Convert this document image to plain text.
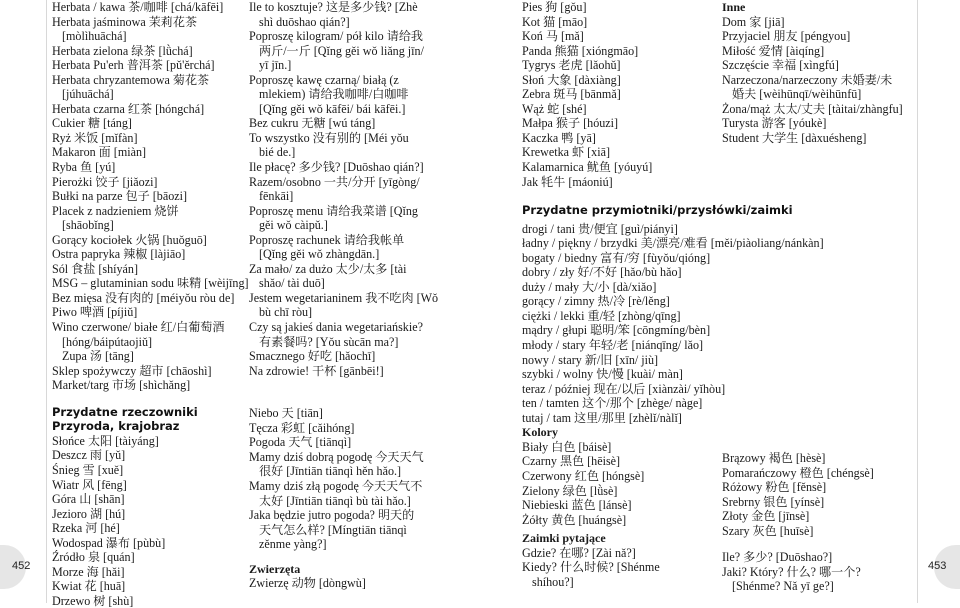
452	453
Herbata / kawa 茶/咖啡 [chá/kāfēi]
Herbata jaśminowa 茉莉花茶
[mòlìhuāchá]
Herbata zielona 绿茶 [lǜchá]
Herbata Pu'erh 普洱茶 [pǔ'ěrchá]
Herbata chryzantemowa 菊花茶
[júhuāchá]
Herbata czarna 红茶 [hóngchá]
Cukier 糖 [táng]
Ryż 米饭 [mǐfàn]
Makaron 面 [miàn]
Ryba 鱼 [yú]
Pierożki 饺子 [jiǎozi]
Bułki na parze 包子 [bāozi]
Placek z nadzieniem 烧饼
[shāobǐng]
Gorący kociołek 火锅 [huǒguō]
Ostra papryka 辣椒 [làjiāo]
Sól 食盐 [shíyán]
MSG – glutaminian sodu 味精 [wèijīng]
Bez mięsa 没有肉的 [méiyǒu ròu de]
Piwo 啤酒 [píjiǔ]
Wino czerwone/ białe 红/白葡萄酒
[hóng/báipútaojiǔ]
Zupa 汤 [tāng]
Sklep spożywczy 超市 [chāoshì]
Market/targ 市场 [shìchǎng]
Przydatne rzeczowniki
Przyroda, krajobraz
Słońce 太阳 [tàiyáng]
Deszcz 雨 [yǔ]
Śnieg 雪 [xuě]
Wiatr 风 [fēng]
Góra 山 [shān]
Jezioro 湖 [hú]
Rzeka 河 [hé]
Wodospad 瀑布 [pùbù]
Źródło 泉 [quán]
Morze 海 [hǎi]
Kwiat 花 [huā]
Drzewo 树 [shù]
Ile to kosztuje? 这是多少钱? [Zhè
shì duōshao qián?]
Poproszę kilogram/ pół kilo 请给我
两斤/一斤 [Qǐng gěi wǒ liǎng jīn/
yī jīn.]
Poproszę kawę czarną/ białą (z
mlekiem) 请给我咖啡/白咖啡
[Qǐng gěi wǒ kāfēi/ bái kāfēi.]
Bez cukru 无糖 [wú táng]
To wszystko 没有别的 [Méi yǒu
bié de.]
Ile płacę? 多少钱? [Duōshao qián?]
Razem/osobno 一共/分开 [yīgòng/
fēnkāi]
Poproszę menu 请给我菜谱 [Qǐng
gěi wǒ càipǔ.]
Poproszę rachunek 请给我帐单
[Qǐng gěi wǒ zhàngdān.]
Za mało/ za dużo 太少/太多 [tài
shǎo/ tài duō]
Jestem wegetarianinem 我不吃肉 [Wǒ
bù chī ròu]
Czy są jakieś dania wegetariańskie?
有素餐吗? [Yǒu sùcān ma?]
Smacznego 好吃 [hǎochī]
Na zdrowie! 干杯 [gānbēi!]
Niebo 天 [tiān]
Tęcza 彩虹 [cǎihóng]
Pogoda 天气 [tiānqì]
Mamy dziś dobrą pogodę 今天天气
很好 [Jīntiān tiānqì hěn hǎo.]
Mamy dziś złą pogodę 今天天气不
太好 [Jīntiān tiānqì bù tài hǎo.]
Jaka będzie jutro pogoda? 明天的
天气怎么样? [Míngtiān tiānqì
zěnme yàng?]
Zwierzęta
Zwierzę 动物 [dòngwù]
Pies 狗 [gǒu]
Kot 猫 [māo]
Koń 马 [mǎ]
Panda 熊猫 [xióngmāo]
Tygrys 老虎 [lǎohǔ]
Słoń 大象 [dàxiàng]
Zebra 斑马 [bānmǎ]
Wąż 蛇 [shé]
Małpa 猴子 [hóuzi]
Kaczka 鸭 [yā]
Krewetka 虾 [xiā]
Kalamarnica 鱿鱼 [yóuyú]
Jak 牦牛 [máoniú]
Przydatne przymiotniki/przysłówki/zaimki
drogi / tani 贵/便宜 [guì/piányi]
ładny / piękny / brzydki 美/漂亮/难看 [měi/piàoliang/nánkàn]
bogaty / biedny 富有/穷 [fùyǒu/qióng]
dobry / zły 好/不好 [hǎo/bù hǎo]
duży / mały 大/小 [dà/xiǎo]
gorący / zimny 热/冷 [rè/lěng]
ciężki / lekki 重/轻 [zhòng/qīng]
mądry / głupi 聪明/笨 [cōngmíng/bèn]
młody / stary 年轻/老 [niánqīng/ lǎo]
nowy / stary 新/旧 [xīn/ jiù]
szybki / wolny 快/慢 [kuài/ màn]
teraz / później 现在/以后 [xiànzài/ yǐhòu]
ten / tamten 这个/那个 [zhège/ nàge]
tutaj / tam 这里/那里 [zhèlǐ/nàlǐ]
Kolory
Biały 白色 [báisè]
Czarny 黑色 [hēisè]
Czerwony 红色 [hóngsè]
Zielony 绿色 [lǜsè]
Niebieski 蓝色 [lánsè]
Żółty 黄色 [huángsè]
Zaimki pytające
Gdzie? 在哪? [Zài nǎ?]
Kiedy? 什么时候? [Shénme
shíhou?]
Inne
Dom 家 [jiā]
Przyjaciel 朋友 [péngyou]
Miłość 爱情 [àiqíng]
Szczęście 幸福 [xìngfú]
Narzeczona/narzeczony 未婚妻/未
婚夫 [wèihūnqī/wèihūnfū]
Żona/mąż 太太/丈夫 [tàitai/zhàngfu]
Turysta 游客 [yóukè]
Student 大学生 [dàxuésheng]
Brązowy 褐色 [hèsè]
Pomarańczowy 橙色 [chéngsè]
Różowy 粉色 [fěnsè]
Srebrny 银色 [yínsè]
Złoty 金色 [jīnsè]
Szary 灰色 [huīsè]
Ile? 多少? [Duōshao?]
Jaki? Który? 什么? 哪一个?
[Shénme? Nǎ yī ge?]
